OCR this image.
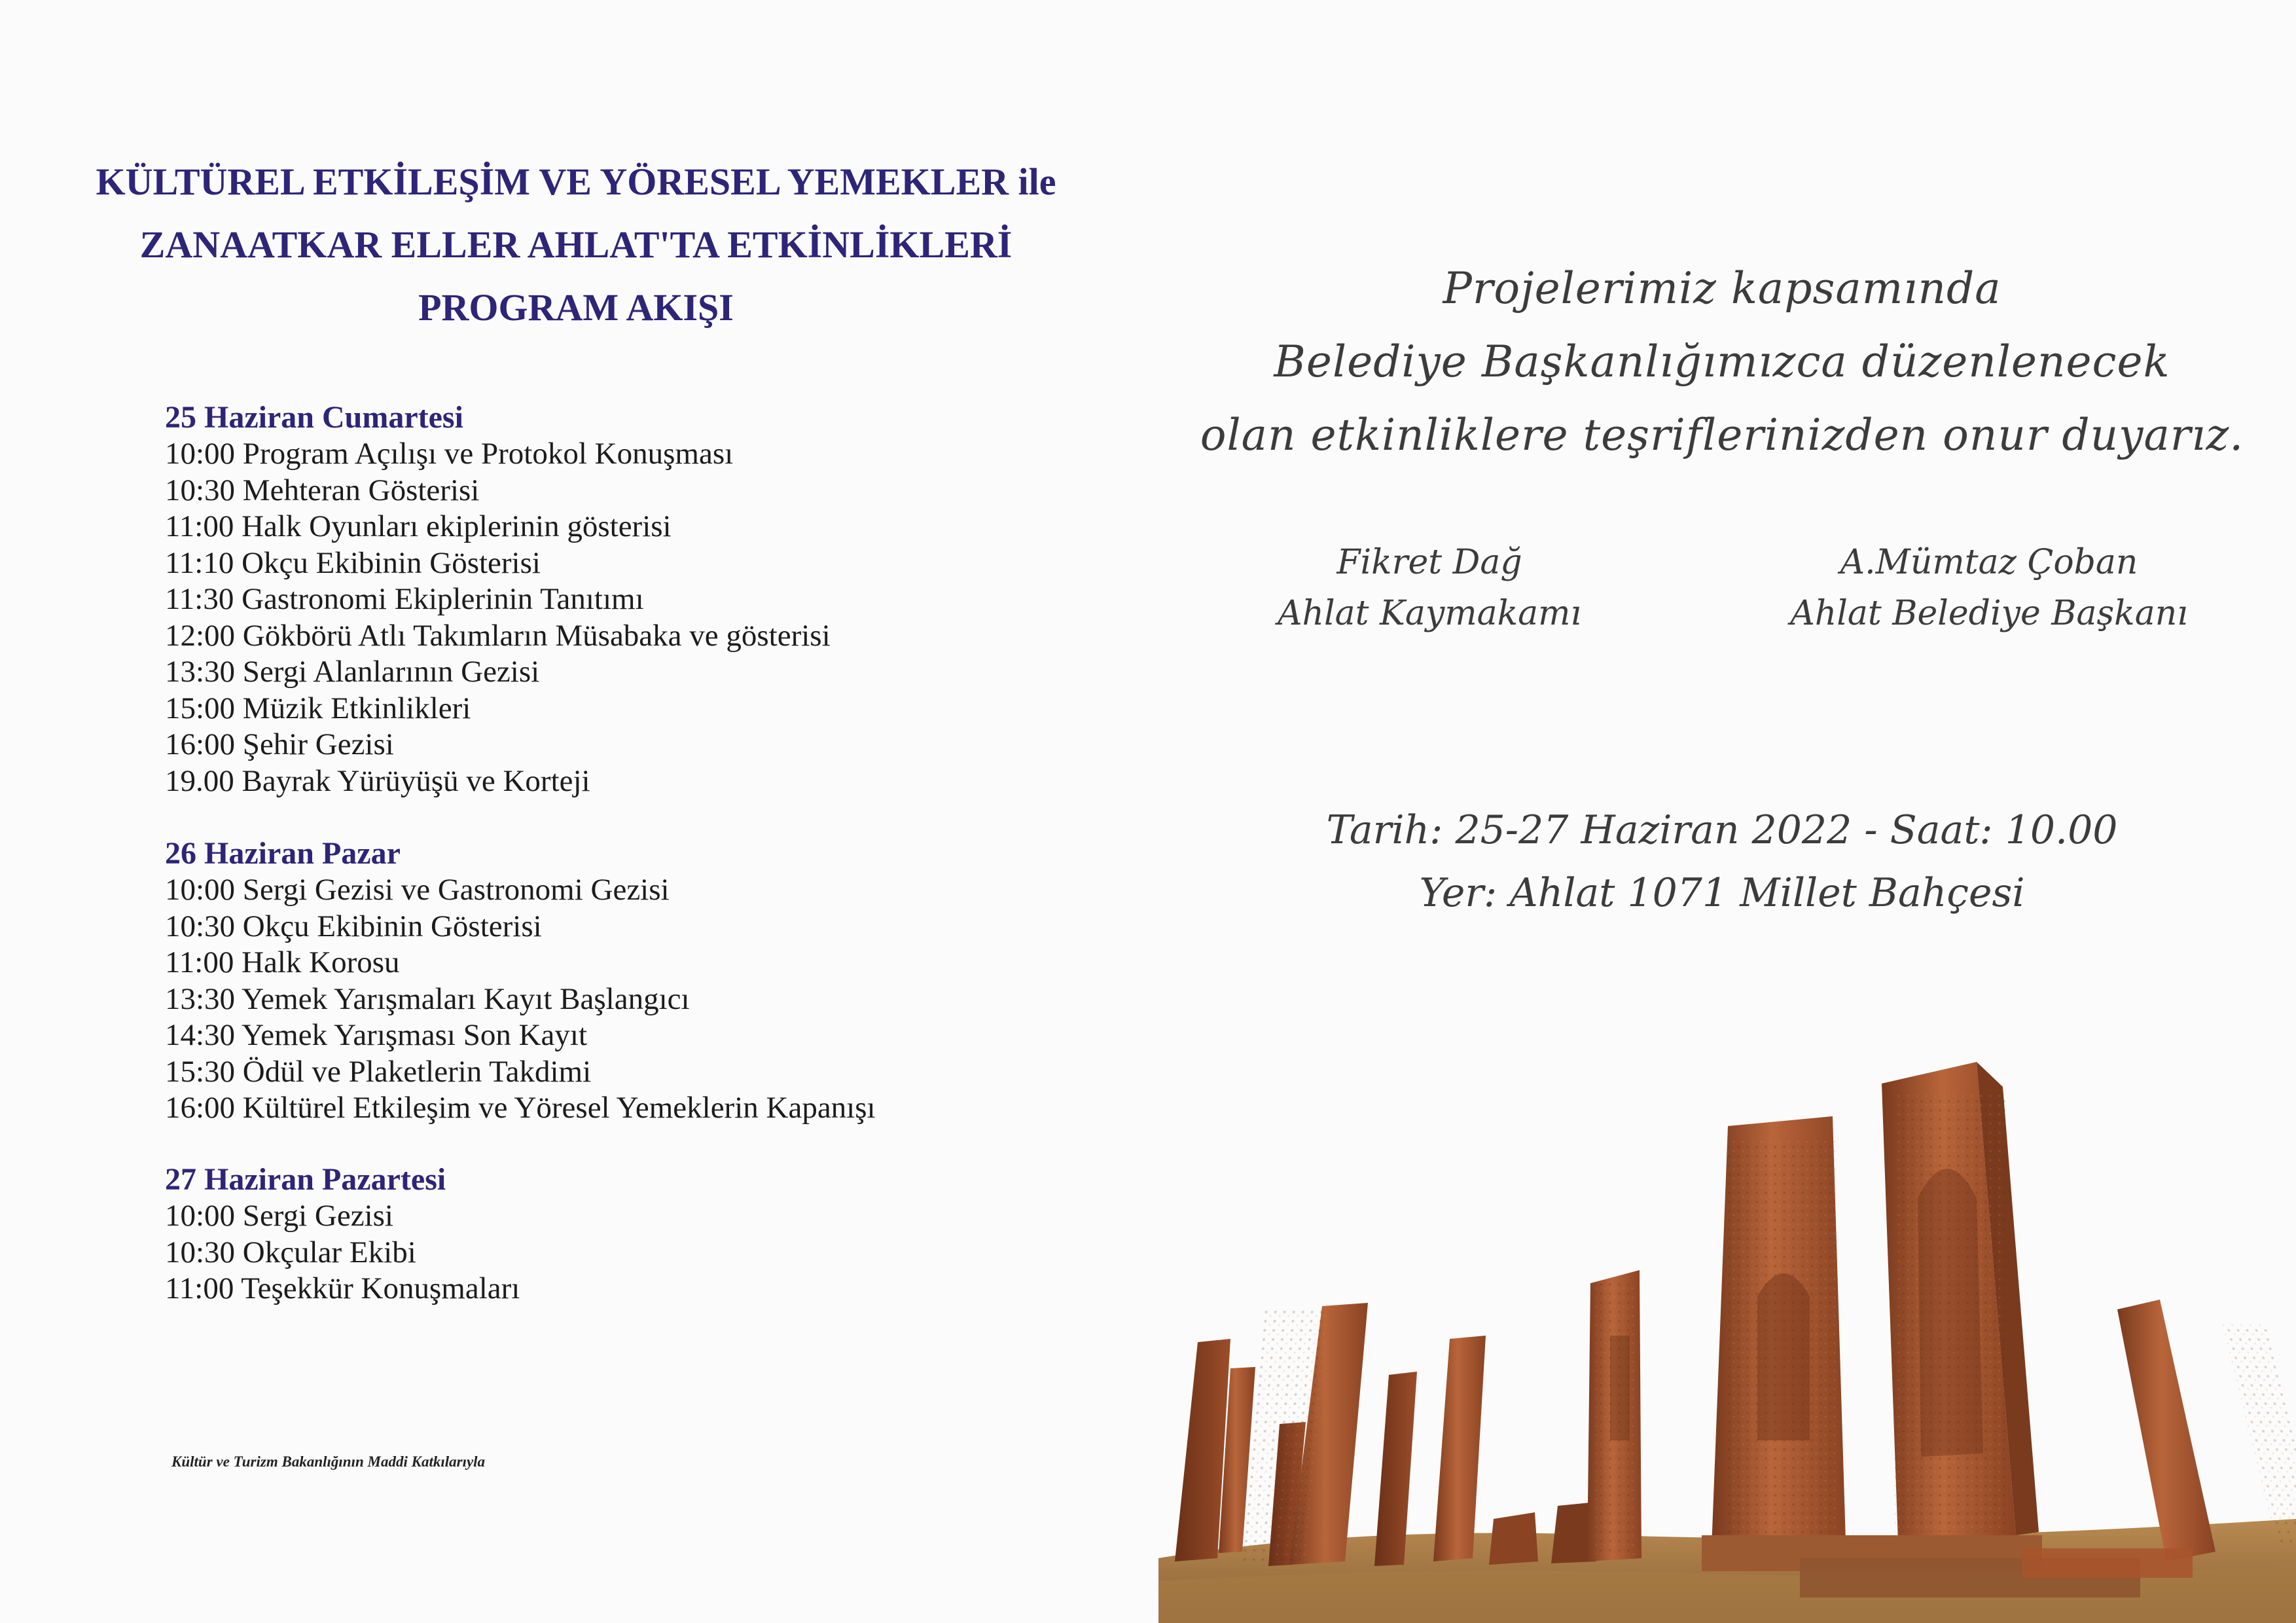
KÜLTÜREL ETKİLEŞİM VE YÖRESEL YEMEKLER ile
ZANAATKAR ELLER AHLAT'TA ETKİNLİKLERİ
PROGRAM AKIŞI
25 Haziran Cumartesi
10:00 Program Açılışı ve Protokol Konuşması
10:30 Mehteran Gösterisi
11:00 Halk Oyunları ekiplerinin gösterisi
11:10 Okçu Ekibinin Gösterisi
11:30 Gastronomi Ekiplerinin Tanıtımı
12:00 Gökbörü Atlı Takımların Müsabaka ve gösterisi
13:30 Sergi Alanlarının Gezisi
15:00 Müzik Etkinlikleri
16:00 Şehir Gezisi
19.00 Bayrak Yürüyüşü ve Korteji
26 Haziran Pazar
10:00 Sergi Gezisi ve Gastronomi Gezisi
10:30 Okçu Ekibinin Gösterisi
11:00 Halk Korosu
13:30 Yemek Yarışmaları Kayıt Başlangıcı
14:30 Yemek Yarışması Son Kayıt
15:30 Ödül ve Plaketlerin Takdimi
16:00 Kültürel Etkileşim ve Yöresel Yemeklerin Kapanışı
27 Haziran Pazartesi
10:00 Sergi Gezisi
10:30 Okçular Ekibi
11:00 Teşekkür Konuşmaları
Kültür ve Turizm Bakanlığının Maddi Katkılarıyla
Projelerimiz kapsamında
Belediye Başkanlığımızca düzenlenecek
olan etkinliklere teşriflerinizden onur duyarız.
Fikret Dağ
Ahlat Kaymakamı
A.Mümtaz Çoban
Ahlat Belediye Başkanı
Tarih: 25-27 Haziran 2022 - Saat: 10.00
Yer: Ahlat 1071 Millet Bahçesi
